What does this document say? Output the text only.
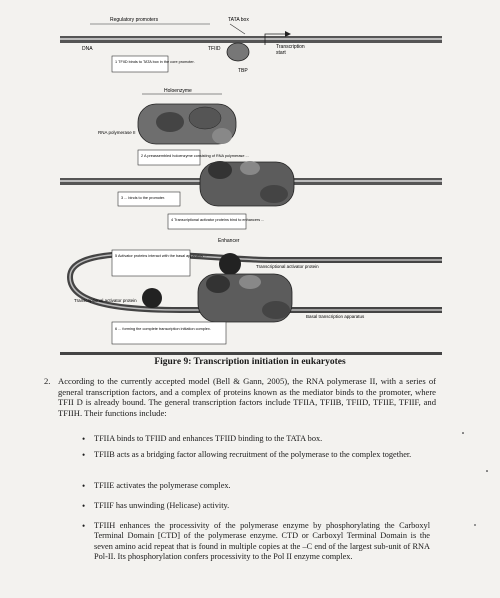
Regulatory promoters	TATA box
DNA	TFIID
TBP
Transcription start
1 TFIID binds to TATA box in the core promoter.
Holoenzyme
RNA polymerase II
2 A preassembled holoenzyme consisting of RNA polymerase ...
3 ... binds to the promoter.
4 Transcriptional activator proteins bind to enhancers ...
Enhancer
Transcriptional activator protein
5 Activator proteins interact with the basal apparatus ...
Transcriptional activator protein
Basal transcription apparatus
6 ... forming the complete transcription initiation complex.
Figure 9: Transcription initiation in eukaryotes
2. According to the currently accepted model (Bell & Gann, 2005), the RNA polymerase II, with a series of general transcription factors, and a complex of proteins known as the mediator binds to the promoter, where TFII D is already bound. The general transcription factors include TFIIA, TFIIB, TFIID, TFIIE, TFIIF, and TFIIH. Their functions include:
• TFIIA binds to TFIID and enhances TFIID binding to the TATA box.
• TFIIB acts as a bridging factor allowing recruitment of the polymerase to the complex together.
• TFIIE activates the polymerase complex.
• TFIIF has unwinding (Helicase) activity.
• TFIIH enhances the processivity of the polymerase enzyme by phosphorylating the Carboxyl Terminal Domain [CTD] of the polymerase enzyme. CTD or Carboxyl Terminal Domain is the seven amino acid repeat that is found in multiple copies at the –C end of the largest sub-unit of RNA Pol-II. Its phosphorylation confers processivity to the Pol II enzyme complex.
